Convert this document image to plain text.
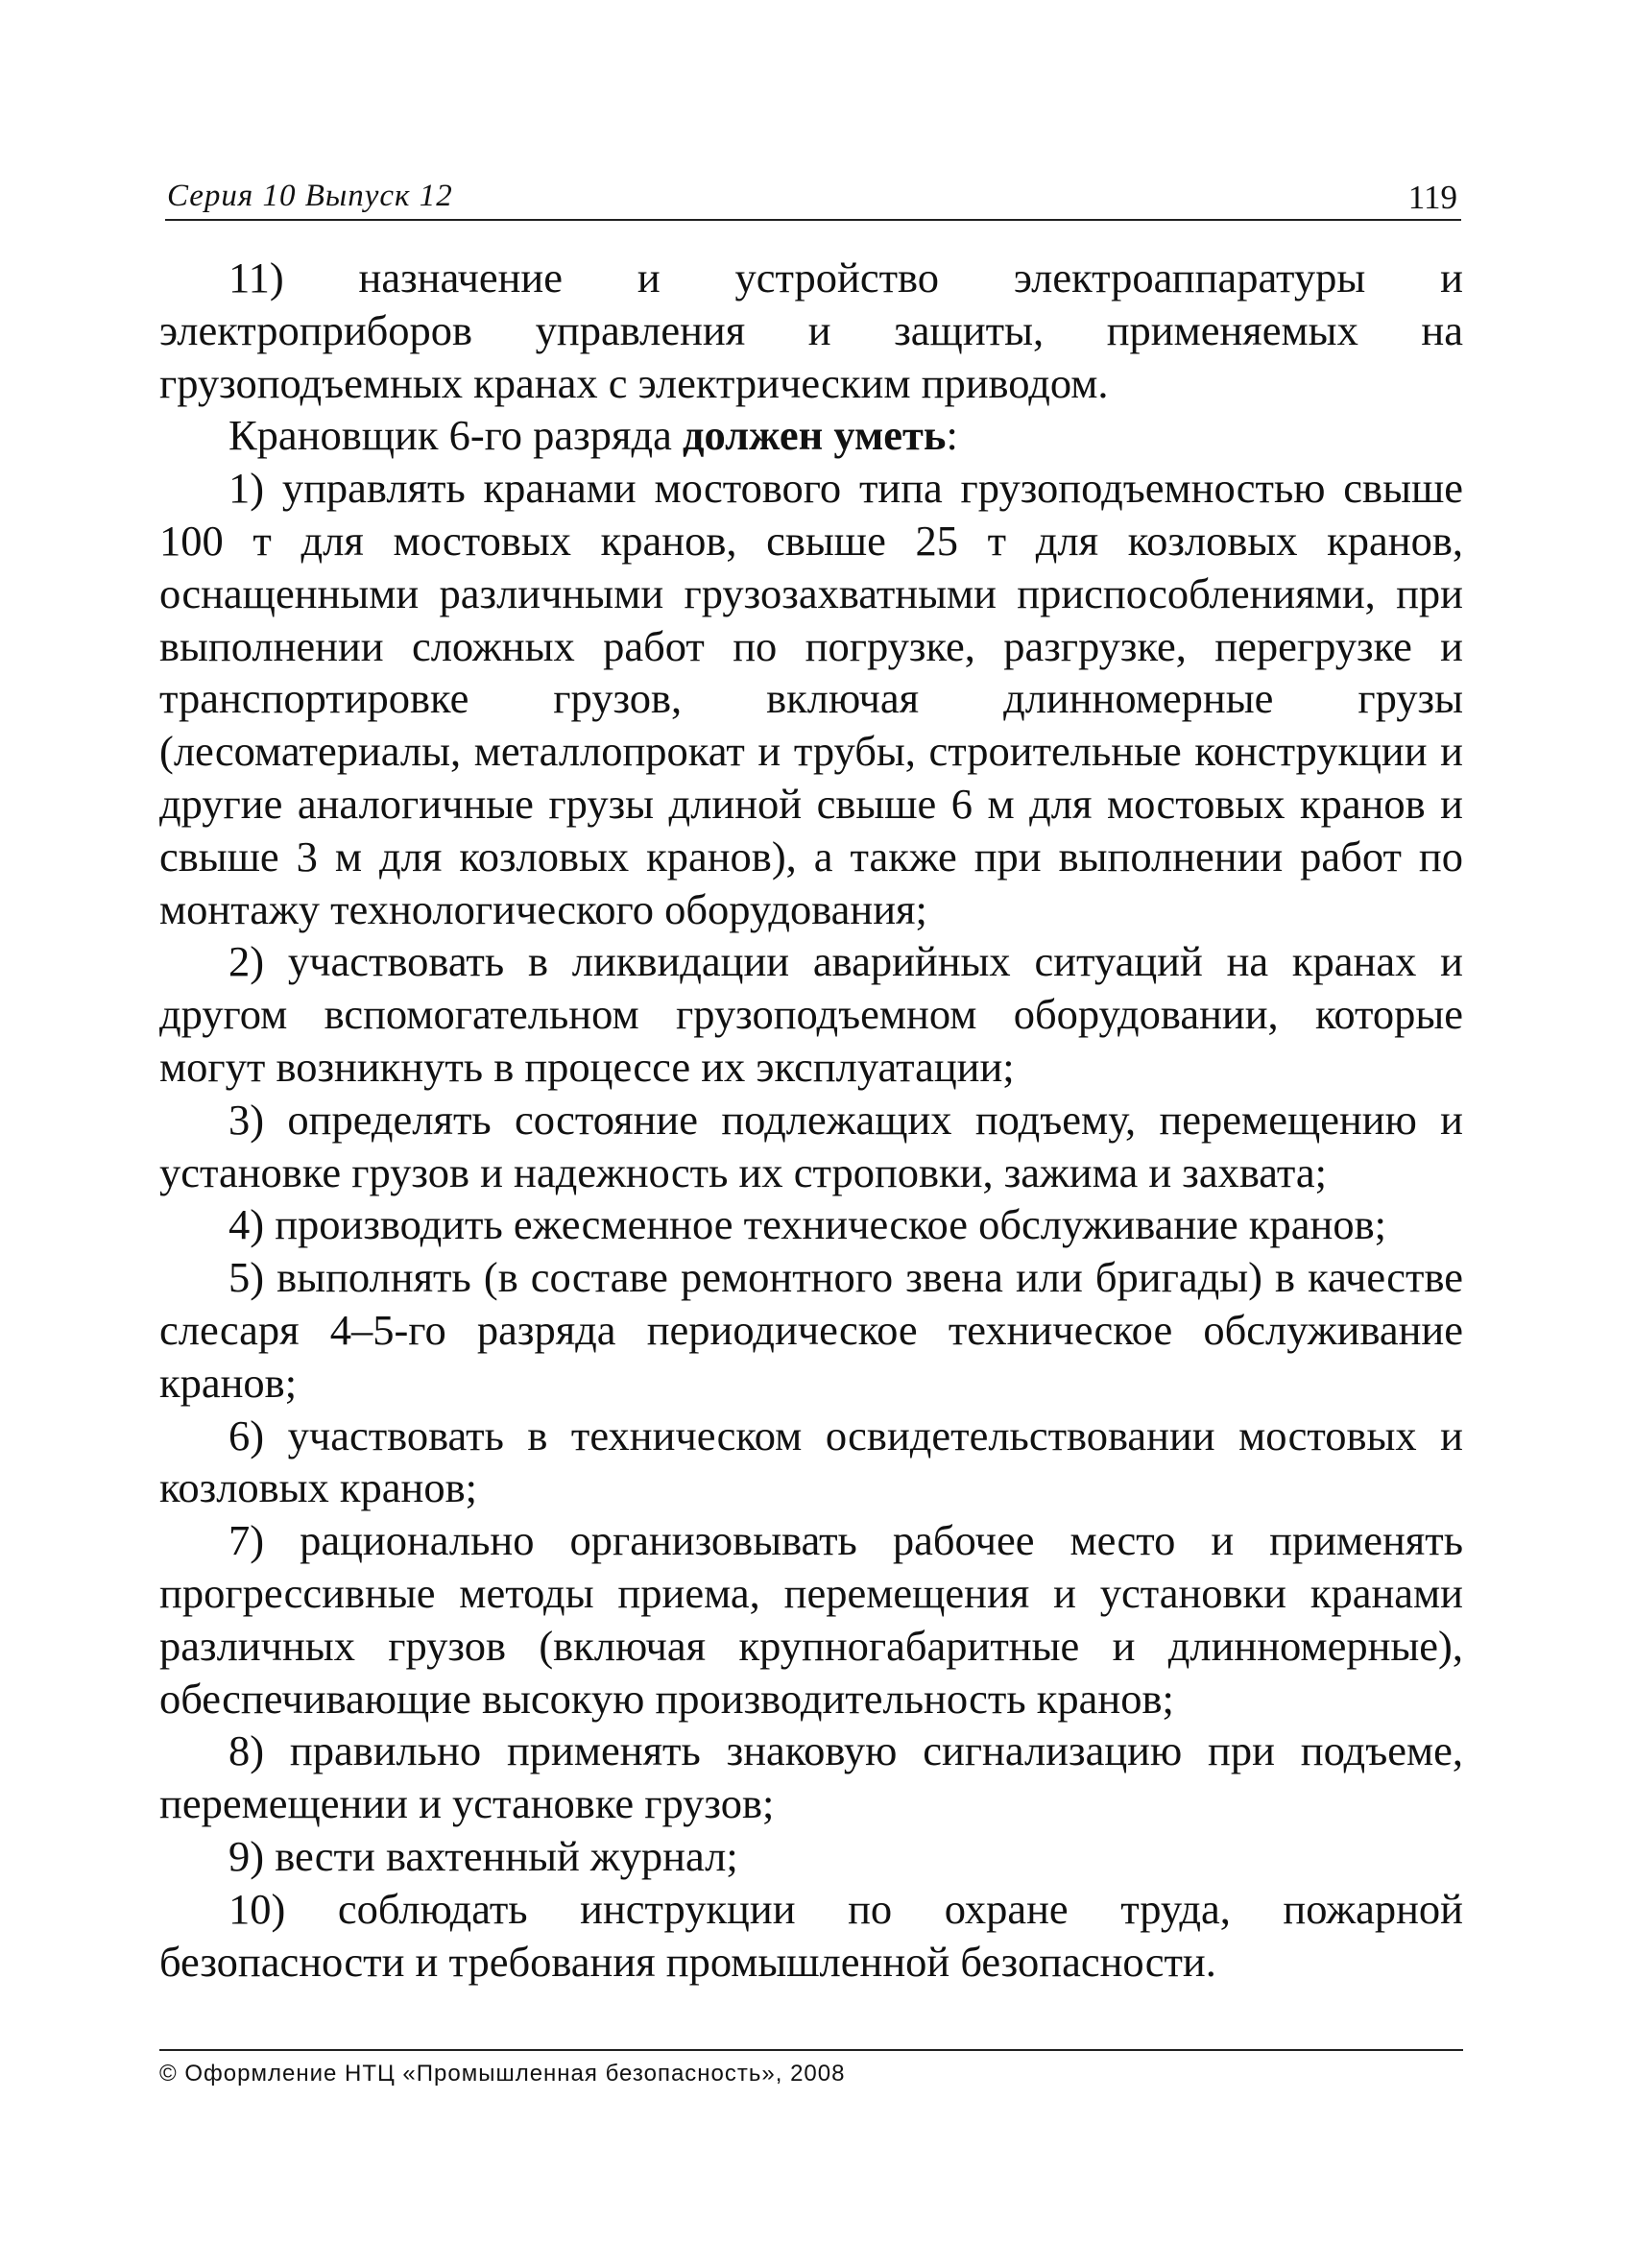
Серия 10 Выпуск 12	119

11) назначение и устройство электроаппаратуры и электроприборов управления и защиты, применяемых на грузоподъемных кранах с электрическим приводом.

Крановщик 6-го разряда должен уметь:

1) управлять кранами мостового типа грузоподъемностью свыше 100 т для мостовых кранов, свыше 25 т для козловых кранов, оснащенными различными грузозахватными приспособлениями, при выполнении сложных работ по погрузке, разгрузке, перегрузке и транспортировке грузов, включая длинномерные грузы (лесоматериалы, металлопрокат и трубы, строительные конструкции и другие аналогичные грузы длиной свыше 6 м для мостовых кранов и свыше 3 м для козловых кранов), а также при выполнении работ по монтажу технологического оборудования;

2) участвовать в ликвидации аварийных ситуаций на кранах и другом вспомогательном грузоподъемном оборудовании, которые могут возникнуть в процессе их эксплуатации;

3) определять состояние подлежащих подъему, перемещению и установке грузов и надежность их строповки, зажима и захвата;

4) производить ежесменное техническое обслуживание кранов;

5) выполнять (в составе ремонтного звена или бригады) в качестве слесаря 4–5-го разряда периодическое техническое обслуживание кранов;

6) участвовать в техническом освидетельствовании мостовых и козловых кранов;

7) рационально организовывать рабочее место и применять прогрессивные методы приема, перемещения и установки кранами различных грузов (включая крупногабаритные и длинномерные), обеспечивающие высокую производительность кранов;

8) правильно применять знаковую сигнализацию при подъеме, перемещении и установке грузов;

9) вести вахтенный журнал;

10) соблюдать инструкции по охране труда, пожарной безопасности и требования промышленной безопасности.

© Оформление НТЦ «Промышленная безопасность», 2008
